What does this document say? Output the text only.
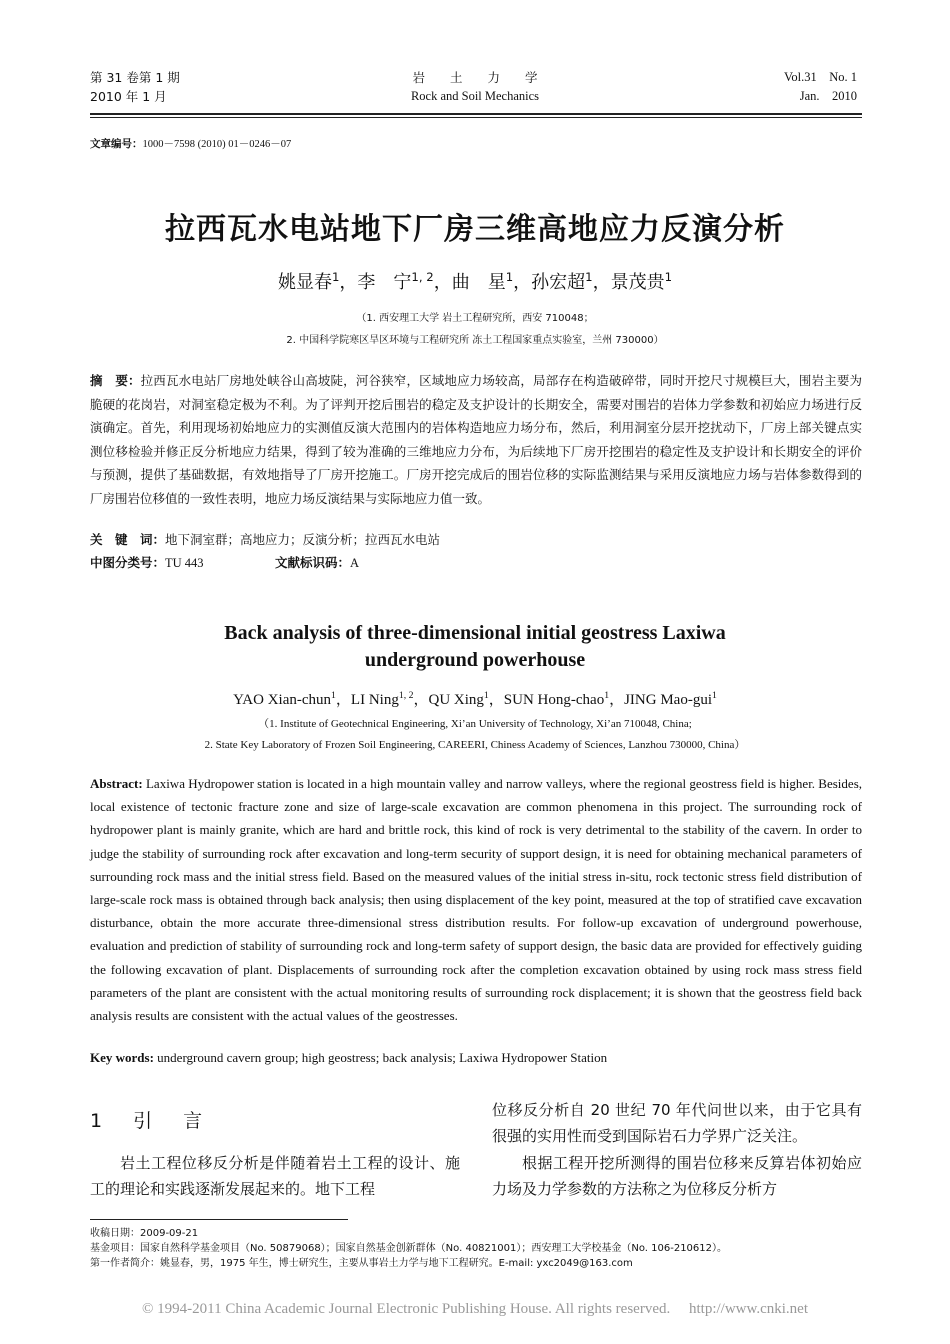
第 31 卷第 1 期
2010 年 1 月
岩　　土　　力　　学
Rock and Soil Mechanics
Vol.31　No. 1
Jan.　2010
文章编号：1000－7598 (2010) 01－0246－07
拉西瓦水电站地下厂房三维高地应力反演分析
姚显春$^1$，李　宁$^{1, 2}$，曲　星$^1$，孙宏超$^1$，景茂贵$^1$
（1. 西安理工大学 岩土工程研究所，西安 710048；
2. 中国科学院寒区旱区环境与工程研究所 冻土工程国家重点实验室，兰州 730000）
摘　要：拉西瓦水电站厂房地处峡谷山高坡陡，河谷狭窄，区域地应力场较高，局部存在构造破碎带，同时开挖尺寸规模巨大，围岩主要为脆硬的花岗岩，对洞室稳定极为不利。为了评判开挖后围岩的稳定及支护设计的长期安全，需要对围岩的岩体力学参数和初始应力场进行反演确定。首先，利用现场初始地应力的实测值反演大范围内的岩体构造地应力场分布，然后，利用洞室分层开挖扰动下，厂房上部关键点实测位移检验并修正反分析地应力结果，得到了较为准确的三维地应力分布，为后续地下厂房开挖围岩的稳定性及支护设计和长期安全的评价与预测，提供了基础数据，有效地指导了厂房开挖施工。厂房开挖完成后的围岩位移的实际监测结果与采用反演地应力场与岩体参数得到的厂房围岩位移值的一致性表明，地应力场反演结果与实际地应力值一致。
关　键　词：地下洞室群；高地应力；反演分析；拉西瓦水电站
中图分类号：TU 443	文献标识码：A
Back analysis of three-dimensional initial geostress Laxiwa
underground powerhouse
YAO Xian-chun$^1$，LI Ning$^{1, 2}$，QU Xing$^1$，SUN Hong-chao$^1$，JING Mao-gui$^1$
（1. Institute of Geotechnical Engineering, Xi’an University of Technology, Xi’an 710048, China;
2. State Key Laboratory of Frozen Soil Engineering, CAREERI, Chiness Academy of Sciences, Lanzhou 730000, China）
Abstract: Laxiwa Hydropower station is located in a high mountain valley and narrow valleys, where the regional geostress field is higher. Besides, local existence of tectonic fracture zone and size of large-scale excavation are common phenomena in this project. The surrounding rock of hydropower plant is mainly granite, which are hard and brittle rock, this kind of rock is very detrimental to the stability of the cavern. In order to judge the stability of surrounding rock after excavation and long-term security of support design, it is need for obtaining mechanical parameters of surrounding rock mass and the initial stress field. Based on the measured values of the initial stress in-situ, rock tectonic stress field distribution of large-scale rock mass is obtained through back analysis; then using displacement of the key point, measured at the top of stratified cave excavation disturbance, obtain the more accurate three-dimensional stress distribution results. For follow-up excavation of underground powerhouse, evaluation and prediction of stability of surrounding rock and long-term safety of support design, the basic data are provided for effectively guiding the following excavation of plant. Displacements of surrounding rock after the completion excavation obtained by using rock mass stress field parameters of the plant are consistent with the actual monitoring results of surrounding rock displacement; it is shown that the geostress field back analysis results are consistent with the actual values of the geostresses.
Key words: underground cavern group; high geostress; back analysis; Laxiwa Hydropower Station
1　引　言
岩土工程位移反分析是伴随着岩土工程的设计、施工的理论和实践逐渐发展起来的。地下工程
位移反分析自 20 世纪 70 年代问世以来，由于它具有很强的实用性而受到国际岩石力学界广泛关注。
根据工程开挖所测得的围岩位移来反算岩体初始应力场及力学参数的方法称之为位移反分析方
收稿日期：2009-09-21
基金项目：国家自然科学基金项目（No. 50879068）；国家自然基金创新群体（No. 40821001）；西安理工大学校基金（No. 106-210612）。
第一作者简介：姚显春，男，1975 年生，博士研究生，主要从事岩土力学与地下工程研究。E-mail: yxc2049@163.com
© 1994-2011 China Academic Journal Electronic Publishing House. All rights reserved.　 http://www.cnki.net
